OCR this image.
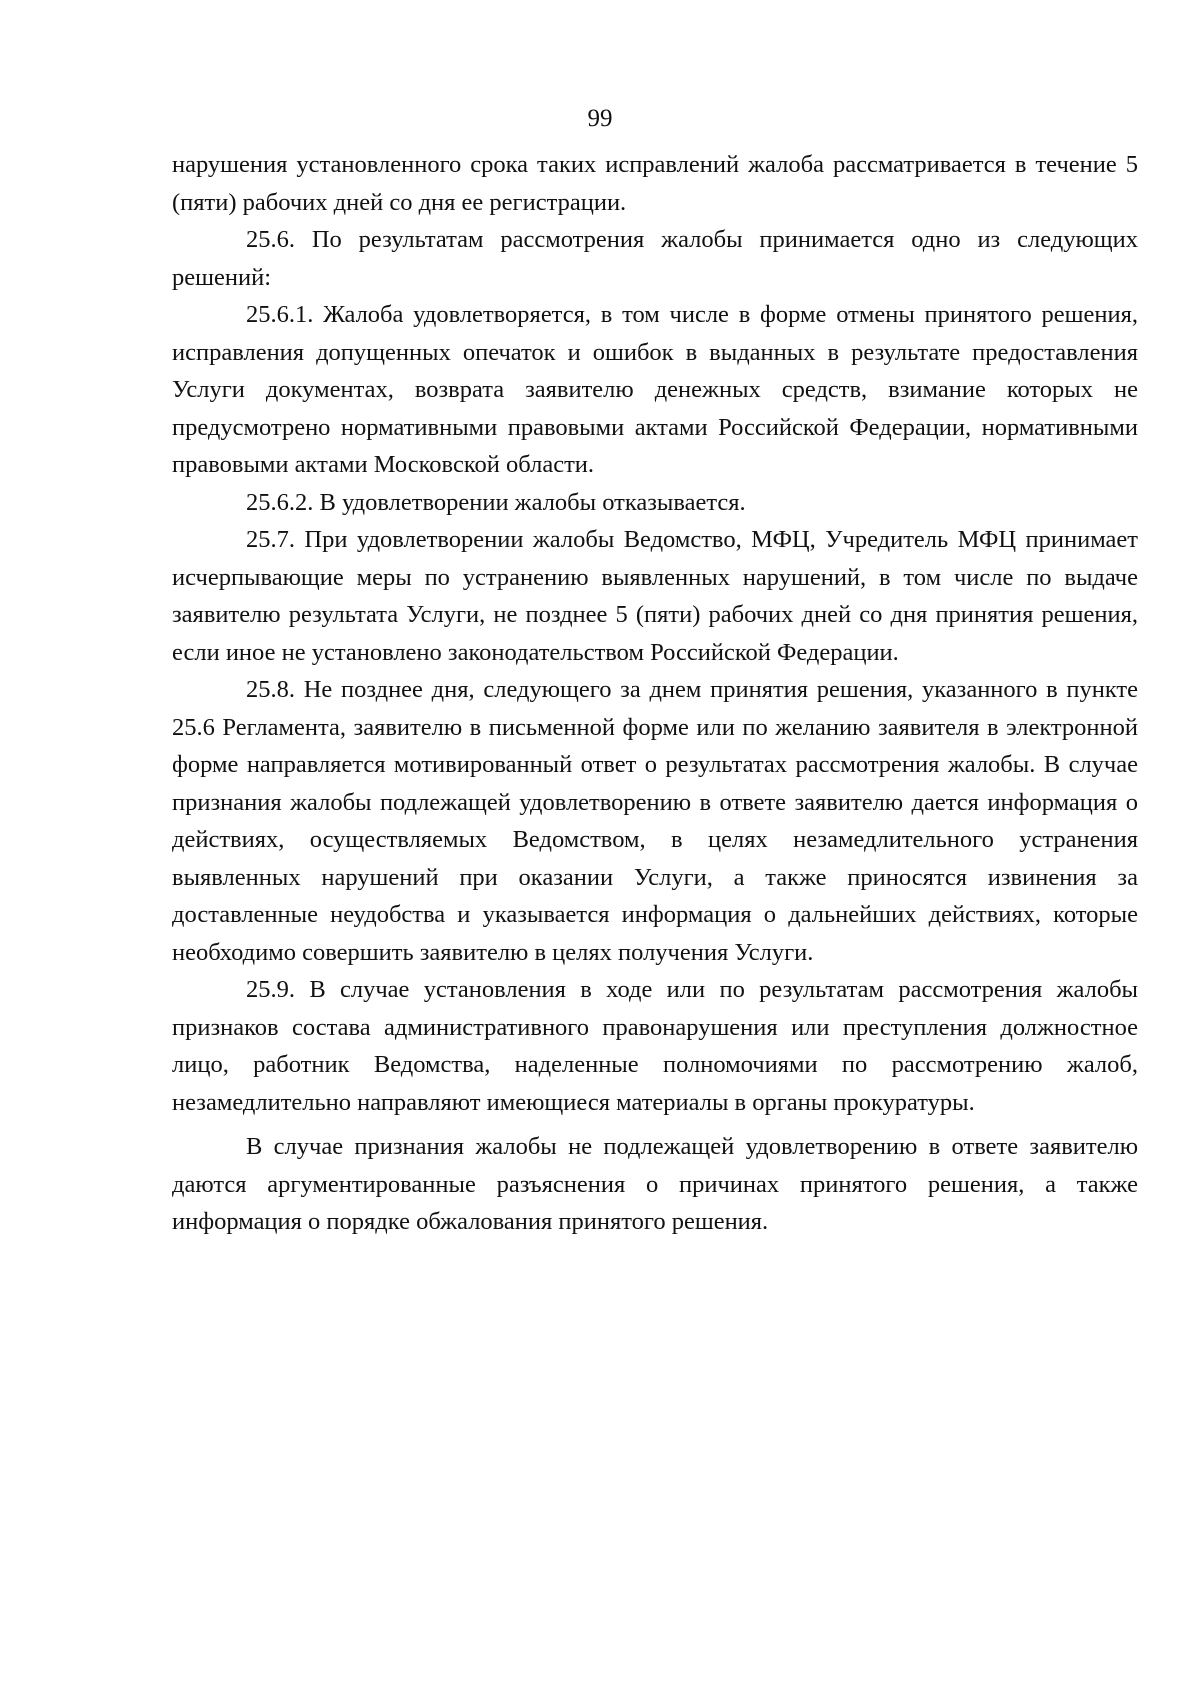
99

нарушения установленного срока таких исправлений жалоба рассматривается в течение 5 (пяти) рабочих дней со дня ее регистрации.

25.6. По результатам рассмотрения жалобы принимается одно из следующих решений:

25.6.1. Жалоба удовлетворяется, в том числе в форме отмены принятого решения, исправления допущенных опечаток и ошибок в выданных в результате предоставления Услуги документах, возврата заявителю денежных средств, взимание которых не предусмотрено нормативными правовыми актами Российской Федерации, нормативными правовыми актами Московской области.

25.6.2. В удовлетворении жалобы отказывается.

25.7. При удовлетворении жалобы Ведомство, МФЦ, Учредитель МФЦ принимает исчерпывающие меры по устранению выявленных нарушений, в том числе по выдаче заявителю результата Услуги, не позднее 5 (пяти) рабочих дней со дня принятия решения, если иное не установлено законодательством Российской Федерации.

25.8. Не позднее дня, следующего за днем принятия решения, указанного в пункте 25.6 Регламента, заявителю в письменной форме или по желанию заявителя в электронной форме направляется мотивированный ответ о результатах рассмотрения жалобы. В случае признания жалобы подлежащей удовлетворению в ответе заявителю дается информация о действиях, осуществляемых Ведомством, в целях незамедлительного устранения выявленных нарушений при оказании Услуги, а также приносятся извинения за доставленные неудобства и указывается информация о дальнейших действиях, которые необходимо совершить заявителю в целях получения Услуги.

25.9. В случае установления в ходе или по результатам рассмотрения жалобы признаков состава административного правонарушения или преступления должностное лицо, работник Ведомства, наделенные полномочиями по рассмотрению жалоб, незамедлительно направляют имеющиеся материалы в органы прокуратуры.

В случае признания жалобы не подлежащей удовлетворению в ответе заявителю даются аргументированные разъяснения о причинах принятого решения, а также информация о порядке обжалования принятого решения.
